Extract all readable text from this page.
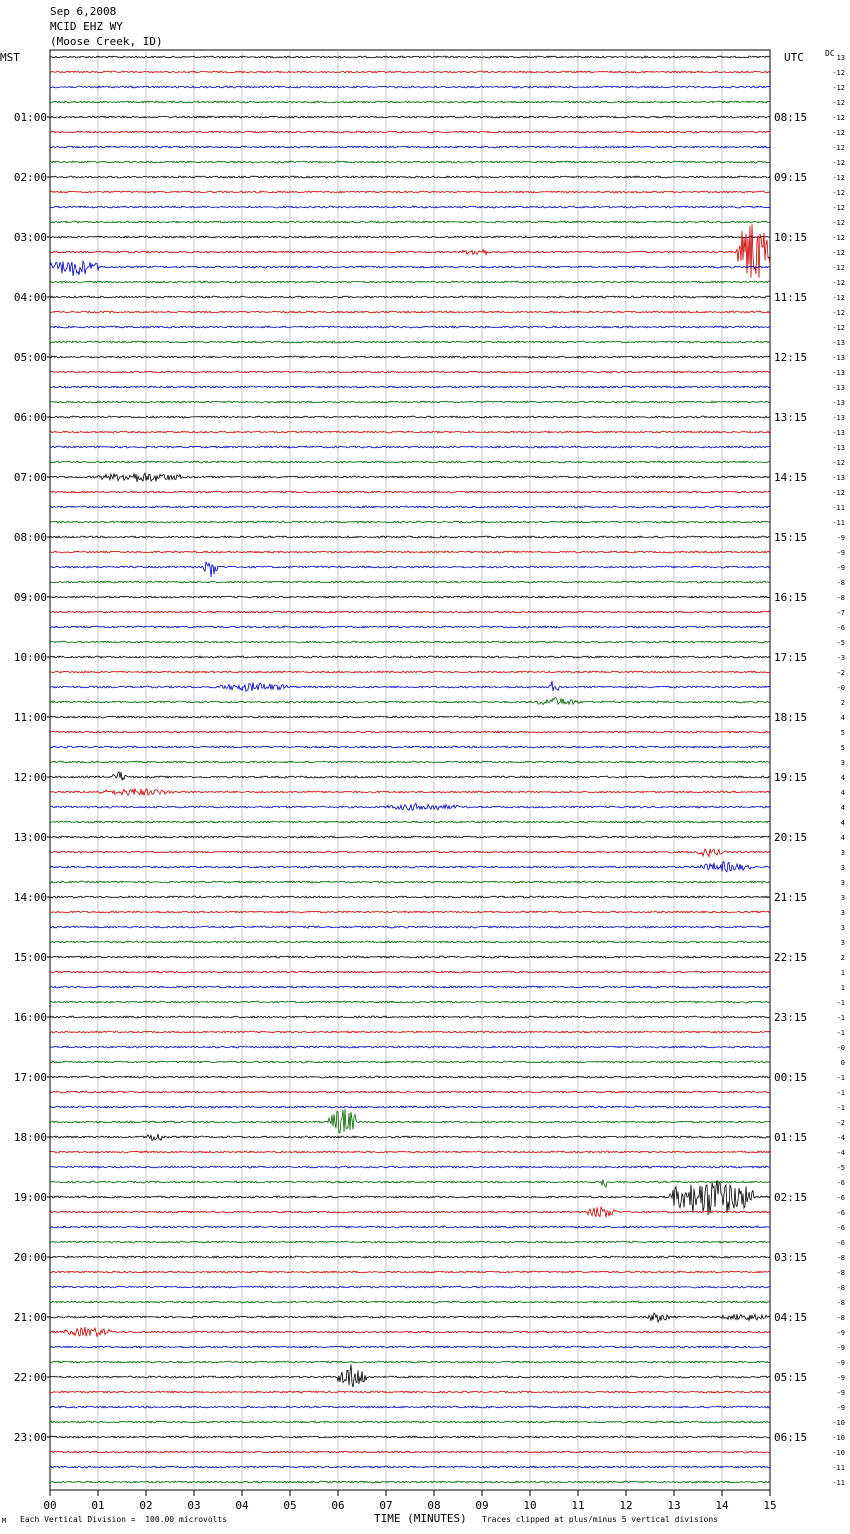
Sep 6,2008
MCID EHZ WY
(Moose Creek, ID)
MST	UTC	DC
01:00
02:00
03:00
04:00
05:00
06:00
07:00
08:00
09:00
10:00
11:00
12:00
13:00
14:00
15:00
16:00
17:00
18:00
19:00
20:00
21:00
22:00
23:00
08:15
09:15
10:15
11:15
12:15
13:15
14:15
15:15
16:15
17:15
18:15
19:15
20:15
21:15
22:15
23:15
00:15
01:15
02:15
03:15
04:15
05:15
06:15
13
-12
-12
-12
-12
-12
-12
-12
-12
-12
-12
-12
-12
-12
-12
-12
-12
-12
-12
-13
-13
-13
-13
-13
-13
-13
-13
-12
-13
-12
-11
-11
-9
-9
-9
-8
-8
-7
-6
-5
-3
-2
-0
2
4
5
5
3
4
4
4
4
4
3
3
3
3
3
3
3
2
1
1
-1
-1
-1
-0
0
-1
-1
-1
-2
-4
-4
-5
-6
-6
-6
-6
-6
-8
-8
-8
-8
-8
-9
-9
-9
-9
-9
-9
-10
-10
-10
-11
-11
00	01	02	03	04	05	06	07	08	09	10	11	12	13	14	15
TIME (MINUTES)
M Each Vertical Division =  100.00 microvolts	Traces clipped at plus/minus 5 vertical divisions
